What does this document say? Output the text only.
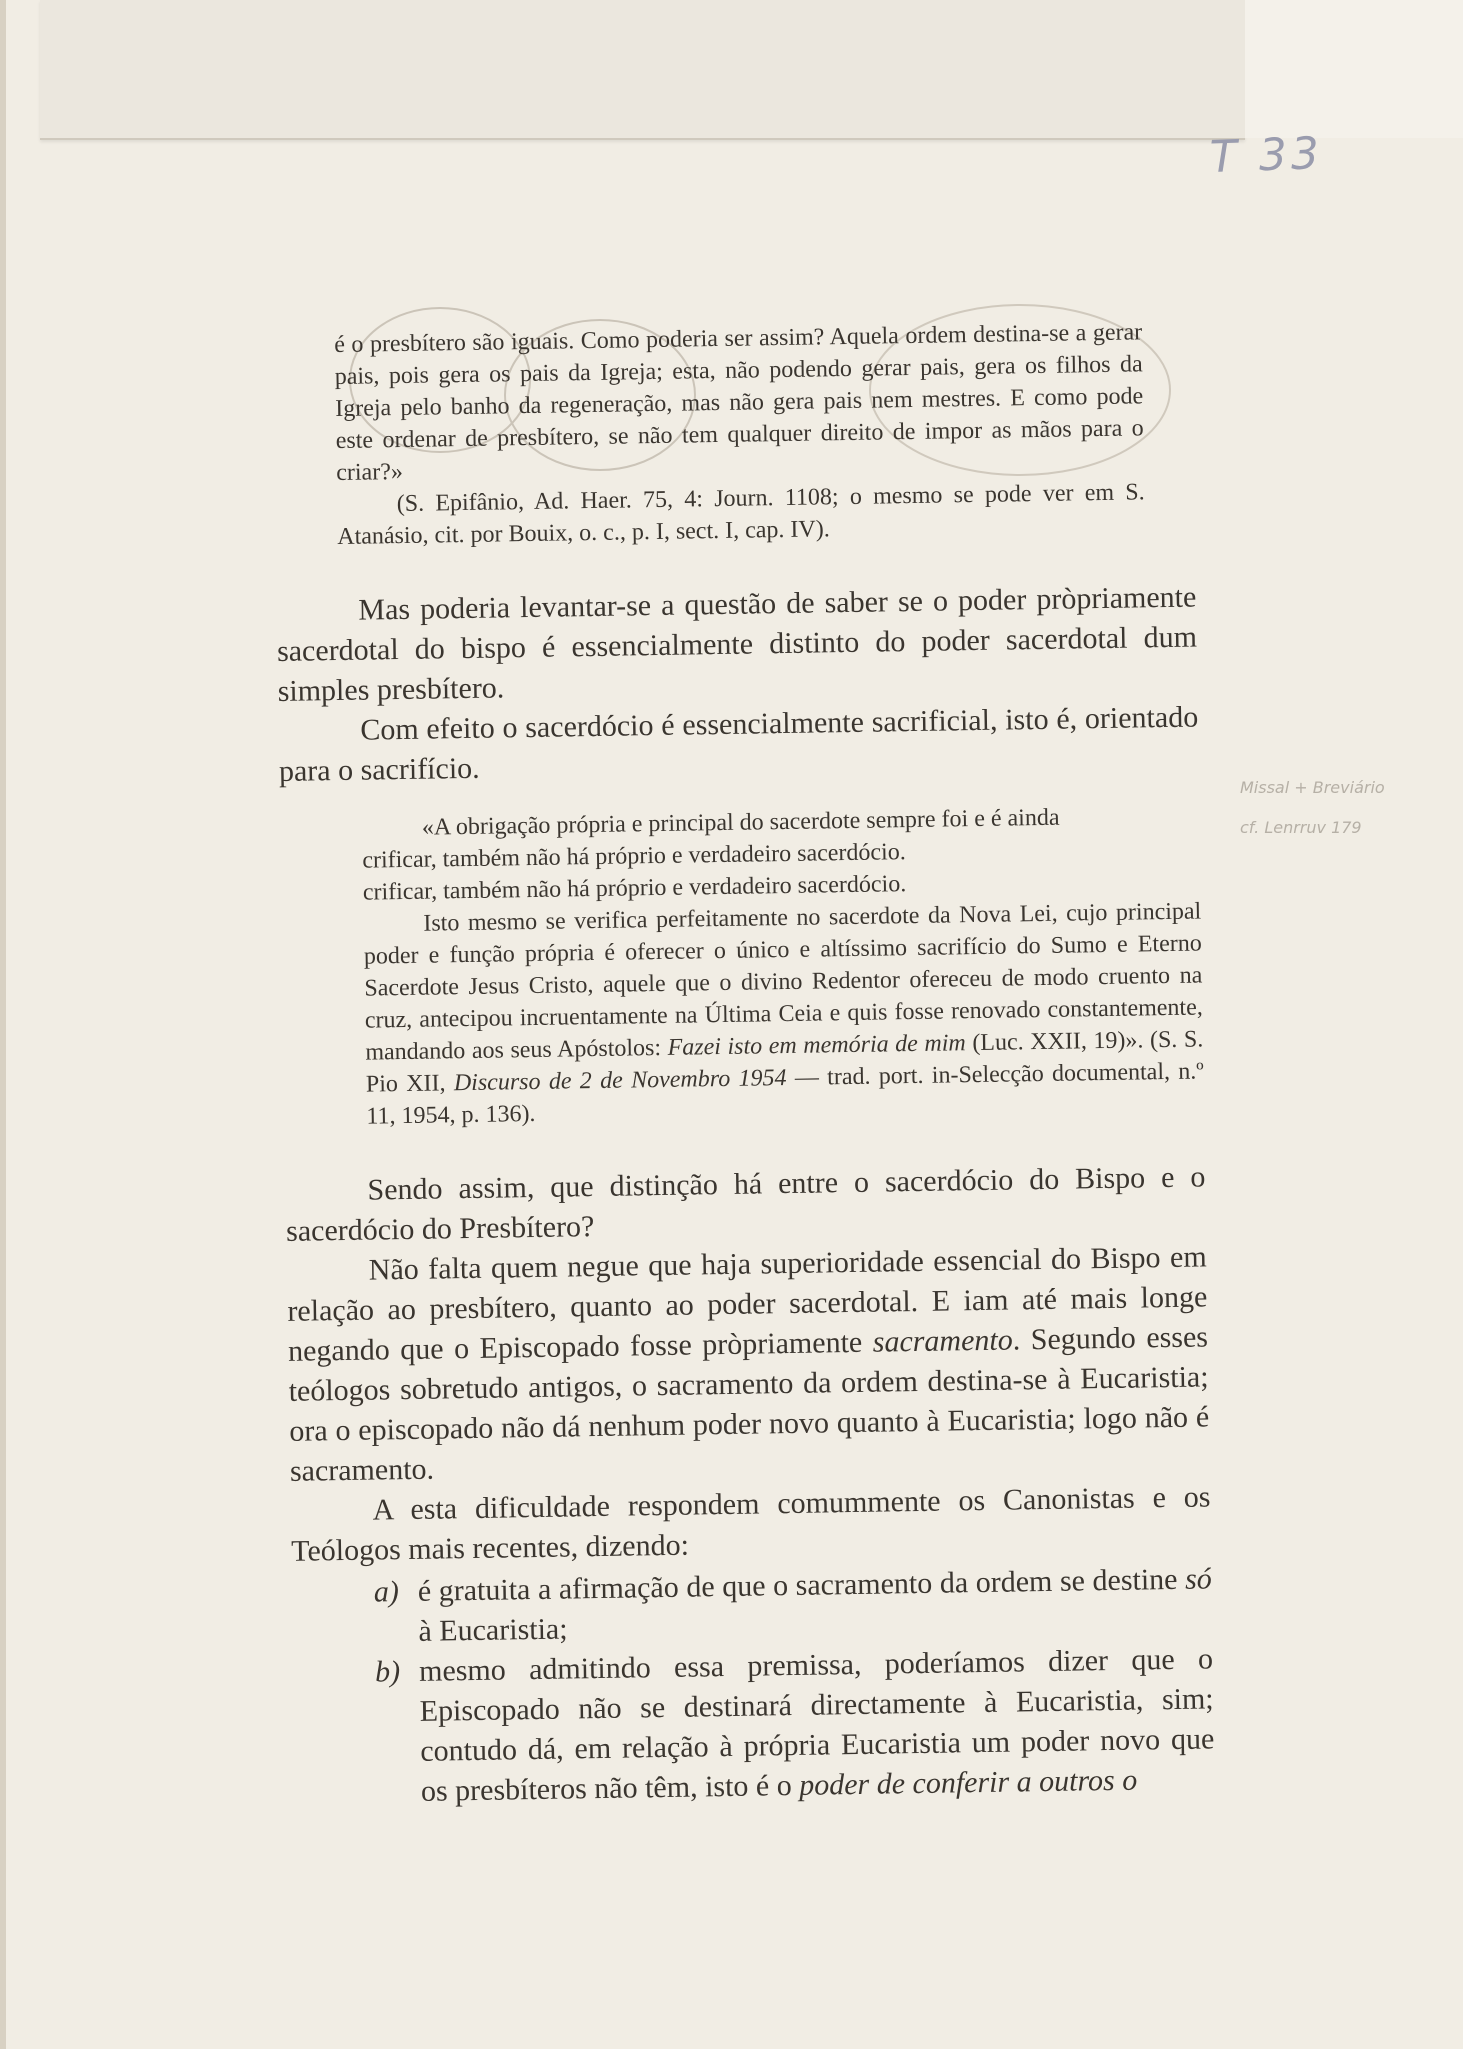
T 33
Missal + Breviário
cf. Lenrruv 179

é o presbítero são iguais. Como poderia ser assim? Aquela ordem destina-se a gerar pais, pois gera os pais da Igreja; esta, não podendo gerar pais, gera os filhos da Igreja pelo banho da regeneração, mas não gera pais nem mestres. E como pode este ordenar de presbítero, se não tem qualquer direito de impor as mãos para o criar?»

(S. Epifânio, Ad. Haer. 75, 4: Journ. 1108; o mesmo se pode ver em S. Atanásio, cit. por Bouix, o. c., p. I, sect. I, cap. IV).

Mas poderia levantar-se a questão de saber se o poder pròpriamente sacerdotal do bispo é essencialmente distinto do poder sacerdotal dum simples presbítero.

Com efeito o sacerdócio é essencialmente sacrificial, isto é, orientado para o sacrifício.

«A obrigação própria e principal do sacerdote sempre foi e é ainda

crificar, também não há próprio e verdadeiro sacerdócio.

crificar, também não há próprio e verdadeiro sacerdócio.

Isto mesmo se verifica perfeitamente no sacerdote da Nova Lei, cujo principal poder e função própria é oferecer o único e altíssimo sacrifício do Sumo e Eterno Sacerdote Jesus Cristo, aquele que o divino Redentor ofereceu de modo cruento na cruz, antecipou incruentamente na Última Ceia e quis fosse renovado constantemente, mandando aos seus Apóstolos: Fazei isto em memória de mim (Luc. XXII, 19)». (S. S. Pio XII, Discurso de 2 de Novembro 1954 — trad. port. in-Selecção documental, n.º 11, 1954, p. 136).

Sendo assim, que distinção há entre o sacerdócio do Bispo e o sacerdócio do Presbítero?

Não falta quem negue que haja superioridade essencial do Bispo em relação ao presbítero, quanto ao poder sacerdotal. E iam até mais longe negando que o Episcopado fosse pròpriamente sacramento. Segundo esses teólogos sobretudo antigos, o sacramento da ordem destina-se à Eucaristia; ora o episcopado não dá nenhum poder novo quanto à Eucaristia; logo não é sacramento.

A esta dificuldade respondem comummente os Canonistas e os Teólogos mais recentes, dizendo:

a) é gratuita a afirmação de que o sacramento da ordem se destine só à Eucaristia;
b) mesmo admitindo essa premissa, poderíamos dizer que o Episcopado não se destinará directamente à Eucaristia, sim; contudo dá, em relação à própria Eucaristia um poder novo que os presbíteros não têm, isto é o poder de conferir a outros o
